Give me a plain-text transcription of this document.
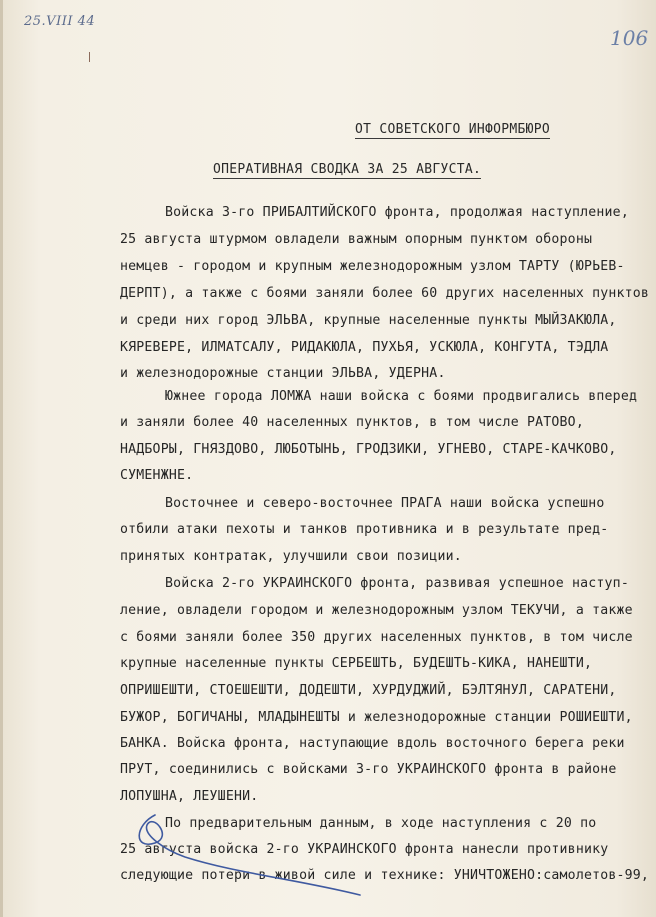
25.VIII 44
106
ОТ СОВЕТСКОГО ИНФОРМБЮРО
ОПЕРАТИВНАЯ СВОДКА ЗА 25 АВГУСТА.
Войска 3-го ПРИБАЛТИЙСКОГО фронта, продолжая наступление,
25 августа штурмом овладели важным опорным пунктом обороны
немцев - городом и крупным железнодорожным узлом ТАРТУ (ЮРЬЕВ-
ДЕРПТ), а также с боями заняли более 60 других населенных пунктов
и среди них город ЭЛЬВА, крупные населенные пункты МЫЙЗАКЮЛА,
КЯРЕВЕРЕ, ИЛМАТСАЛУ, РИДАКЮЛА, ПУХЬЯ, УСКЮЛА, КОНГУТА, ТЭДЛА
и железнодорожные станции ЭЛЬВА, УДЕРНА.
Южнее города ЛОМЖА наши войска с боями продвигались вперед
и заняли более 40 населенных пунктов, в том числе РАТОВО,
НАДБОРЫ, ГНЯЗДОВО, ЛЮБОТЫНЬ, ГРОДЗИКИ, УГНЕВО, СТАРЕ-КАЧКОВО,
СУМЕНЖНЕ.
Восточнее и северо-восточнее ПРАГА наши войска успешно
отбили атаки пехоты и танков противника и в результате пред-
принятых контратак, улучшили свои позиции.
Войска 2-го УКРАИНСКОГО фронта, развивая успешное наступ-
ление, овладели городом и железнодорожным узлом ТЕКУЧИ, а также
с боями заняли более 350 других населенных пунктов, в том числе
крупные населенные пункты СЕРБЕШТЬ, БУДЕШТЬ-КИКА, НАНЕШТИ,
ОПРИШЕШТИ, СТОЕШЕШТИ, ДОДЕШТИ, ХУРДУДЖИЙ, БЭЛТЯНУЛ, САРАТЕНИ,
БУЖОР, БОГИЧАНЫ, МЛАДЫНЕШТЫ и железнодорожные станции РОШИЕШТИ,
БАНКА. Войска фронта, наступающие вдоль восточного берега реки
ПРУТ, соединились с войсками 3-го УКРАИНСКОГО фронта в районе
ЛОПУШНА, ЛЕУШЕНИ.
По предварительным данным, в ходе наступления с 20 по
25 августа войска 2-го УКРАИНСКОГО фронта нанесли противнику
следующие потери в живой силе и технике: УНИЧТОЖЕНО:самолетов-99,
